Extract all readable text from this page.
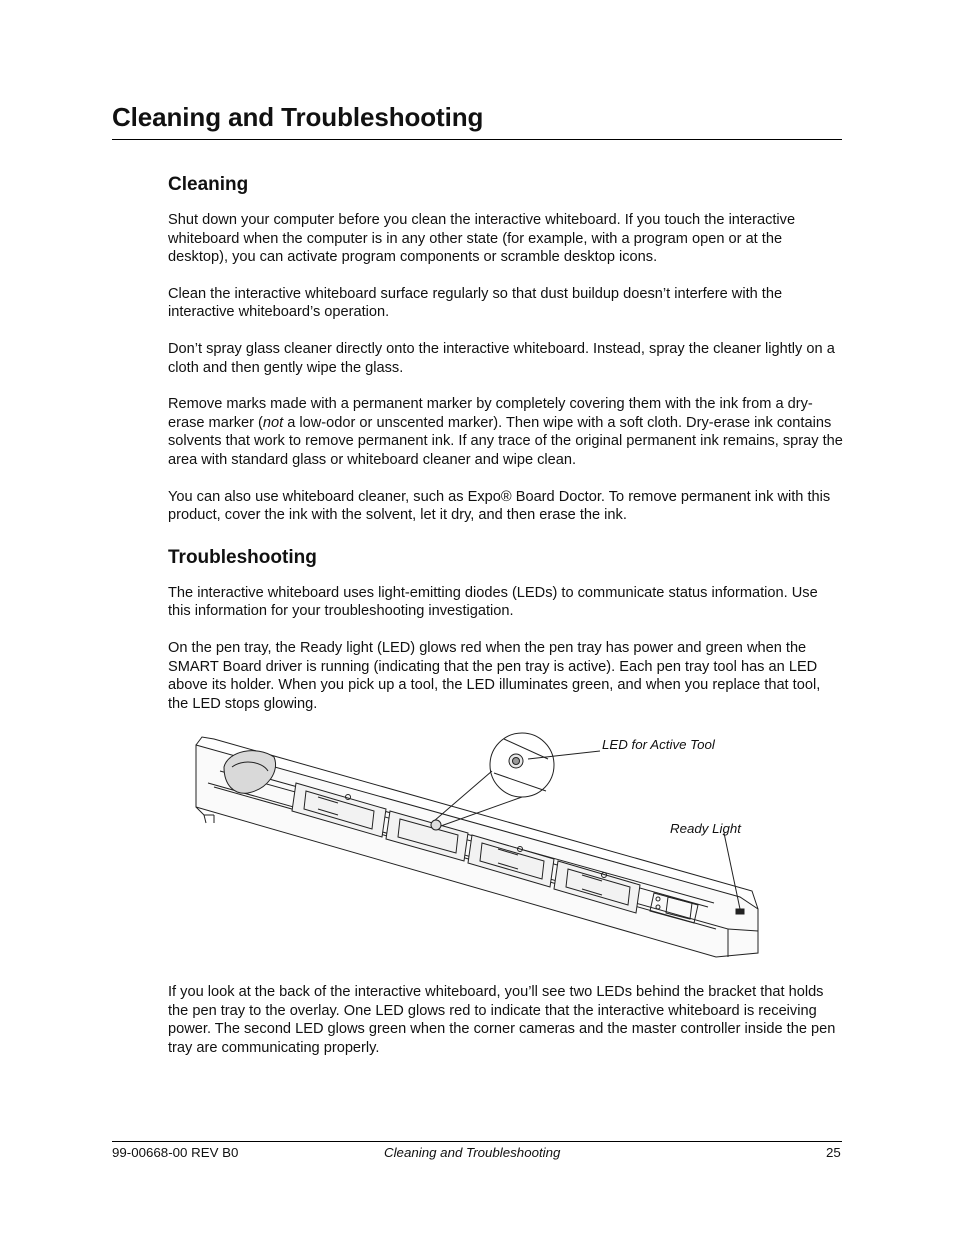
Cleaning and Troubleshooting
Cleaning

Shut down your computer before you clean the interactive whiteboard. If you touch the interactive whiteboard when the computer is in any other state (for example, with a program open or at the desktop), you can activate program components or scramble desktop icons.

Clean the interactive whiteboard surface regularly so that dust buildup doesn’t interfere with the interactive whiteboard’s operation.

Don’t spray glass cleaner directly onto the interactive whiteboard. Instead, spray the cleaner lightly on a cloth and then gently wipe the glass.

Remove marks made with a permanent marker by completely covering them with the ink from a dry-erase marker (not a low-odor or unscented marker). Then wipe with a soft cloth. Dry-erase ink contains solvents that work to remove permanent ink. If any trace of the original permanent ink remains, spray the area with standard glass or whiteboard cleaner and wipe clean.

You can also use whiteboard cleaner, such as Expo® Board Doctor. To remove permanent ink with this product, cover the ink with the solvent, let it dry, and then erase the ink.

Troubleshooting

The interactive whiteboard uses light-emitting diodes (LEDs) to communicate status information. Use this information for your troubleshooting investigation.

On the pen tray, the Ready light (LED) glows red when the pen tray has power and green when the SMART Board driver is running (indicating that the pen tray is active). Each pen tray tool has an LED above its holder. When you pick up a tool, the LED illuminates green, and when you replace that tool, the LED stops glowing.

LED for Active Tool
Ready Light

If you look at the back of the interactive whiteboard, you’ll see two LEDs behind the bracket that holds the pen tray to the overlay. One LED glows red to indicate that the interactive whiteboard is receiving power. The second LED glows green when the corner cameras and the master controller inside the pen tray are communicating properly.

99-00668-00 REV B0	Cleaning and Troubleshooting	25
